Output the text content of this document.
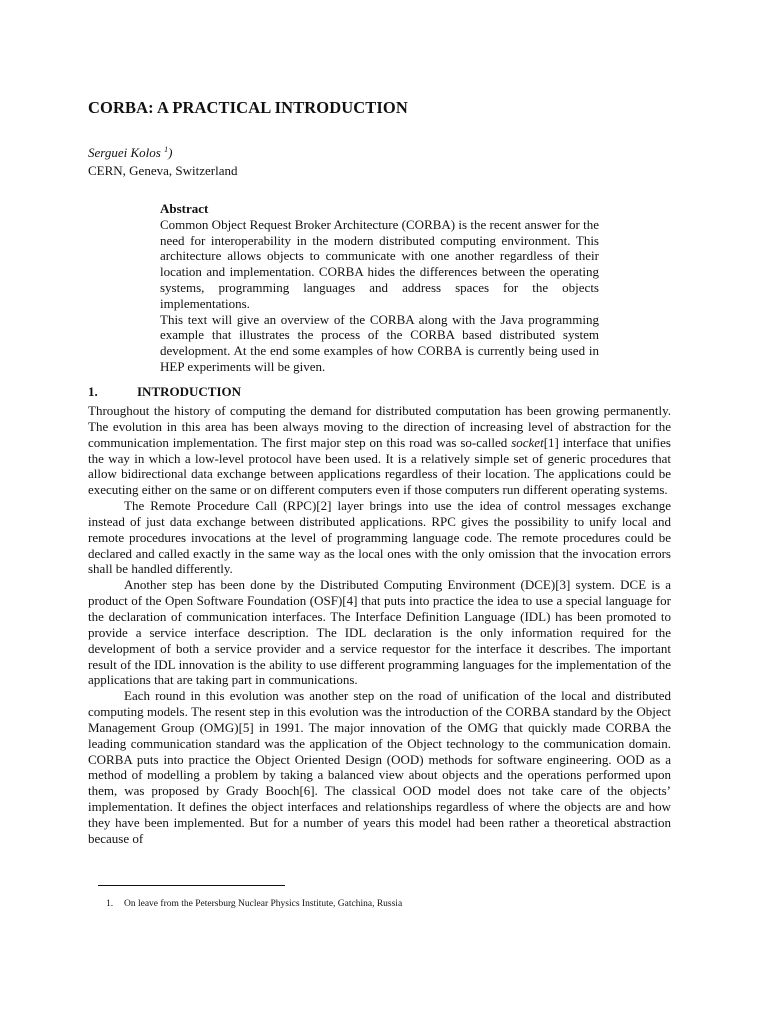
CORBA: A PRACTICAL INTRODUCTION
Serguei Kolos $^1$)
CERN, Geneva, Switzerland
Abstract

Common Object Request Broker Architecture (CORBA) is the recent answer for the need for interoperability in the modern distributed computing environment. This architecture allows objects to communicate with one another regardless of their location and implementation. CORBA hides the differences between the operating systems, programming languages and address spaces for the objects implementations.

This text will give an overview of the CORBA along with the Java programming example that illustrates the process of the CORBA based distributed system development. At the end some examples of how CORBA is currently being used in HEP experiments will be given.

1.	INTRODUCTION

Throughout the history of computing the demand for distributed computation has been growing permanently. The evolution in this area has been always moving to the direction of increasing level of abstraction for the communication implementation. The first major step on this road was so-called socket[1] interface that unifies the way in which a low-level protocol have been used. It is a relatively simple set of generic procedures that allow bidirectional data exchange between applications regardless of their location. The applications could be executing either on the same or on different computers even if those computers run different operating systems.

The Remote Procedure Call (RPC)[2] layer brings into use the idea of control messages exchange instead of just data exchange between distributed applications. RPC gives the possibility to unify local and remote procedures invocations at the level of programming language code. The remote procedures could be declared and called exactly in the same way as the local ones with the only omission that the invocation errors shall be handled differently.

Another step has been done by the Distributed Computing Environment (DCE)[3] system. DCE is a product of the Open Software Foundation (OSF)[4] that puts into practice the idea to use a special language for the declaration of communication interfaces. The Interface Definition Language (IDL) has been promoted to provide a service interface description. The IDL declaration is the only information required for the development of both a service provider and a service requestor for the interface it describes. The important result of the IDL innovation is the ability to use different programming languages for the implementation of the applications that are taking part in communications.

Each round in this evolution was another step on the road of unification of the local and distributed computing models. The resent step in this evolution was the introduction of the CORBA standard by the Object Management Group (OMG)[5] in 1991. The major innovation of the OMG that quickly made CORBA the leading communication standard was the application of the Object technology to the communication domain. CORBA puts into practice the Object Oriented Design (OOD) methods for software engineering. OOD as a method of modelling a problem by taking a balanced view about objects and the operations performed upon them, was proposed by Grady Booch[6]. The classical OOD model does not take care of the objects’ implementation. It defines the object interfaces and relationships regardless of where the objects are and how they have been implemented. But for a number of years this model had been rather a theoretical abstraction because of

1. On leave from the Petersburg Nuclear Physics Institute, Gatchina, Russia
